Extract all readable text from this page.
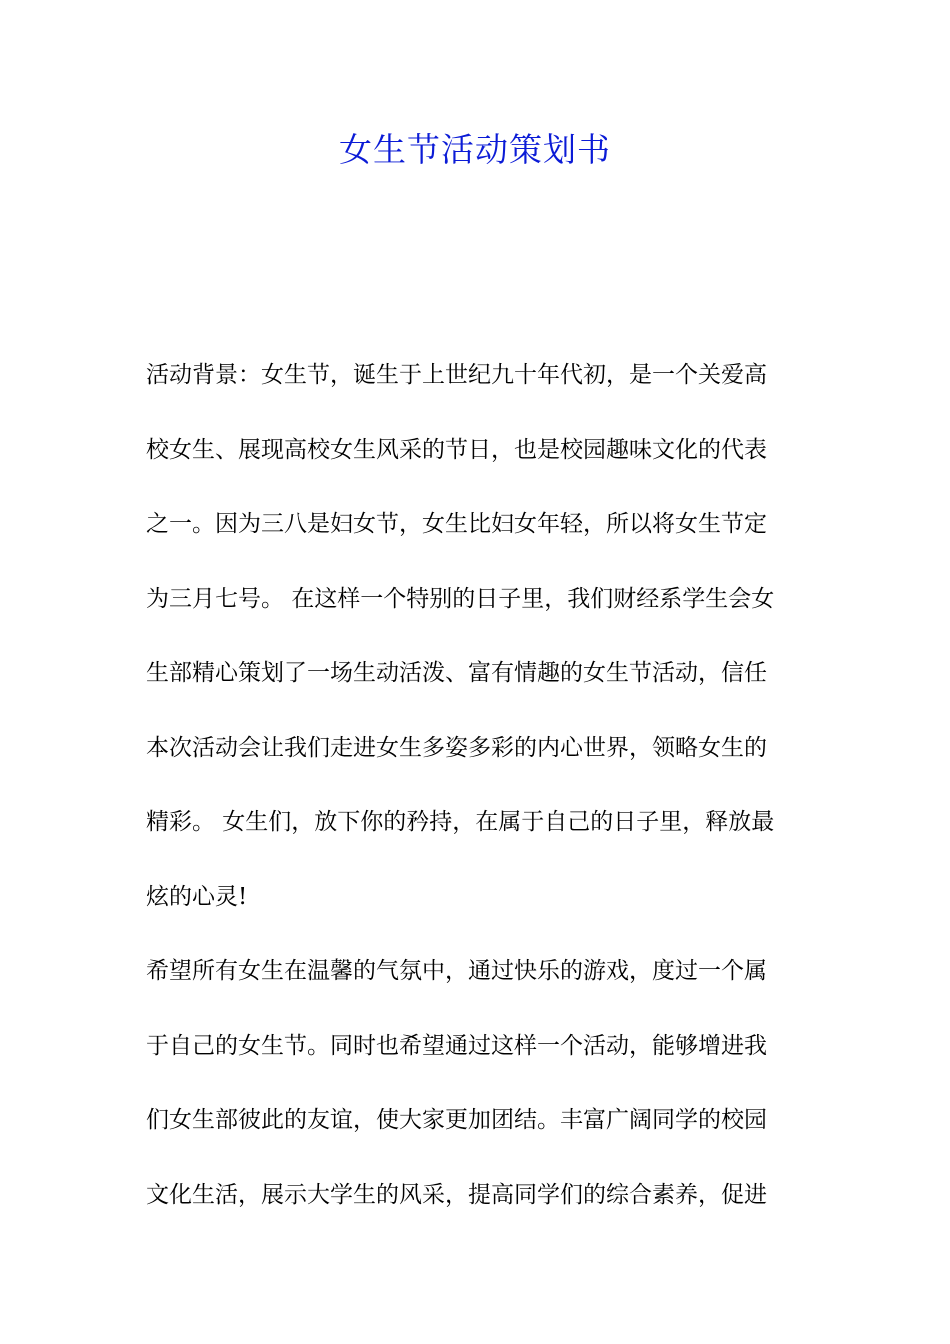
女生节活动策划书
活动背景：女生节，诞生于上世纪九十年代初，是一个关爱高
校女生、展现高校女生风采的节日，也是校园趣味文化的代表
之一。因为三八是妇女节，女生比妇女年轻，所以将女生节定
为三月七号。 在这样一个特别的日子里，我们财经系学生会女
生部精心策划了一场生动活泼、富有情趣的女生节活动，信任
本次活动会让我们走进女生多姿多彩的内心世界，领略女生的
精彩。 女生们，放下你的矜持，在属于自己的日子里，释放最
炫的心灵!
希望所有女生在温馨的气氛中，通过快乐的游戏，度过一个属
于自己的女生节。同时也希望通过这样一个活动，能够增进我
们女生部彼此的友谊，使大家更加团结。丰富广阔同学的校园
文化生活，展示大学生的风采，提高同学们的综合素养，促进
